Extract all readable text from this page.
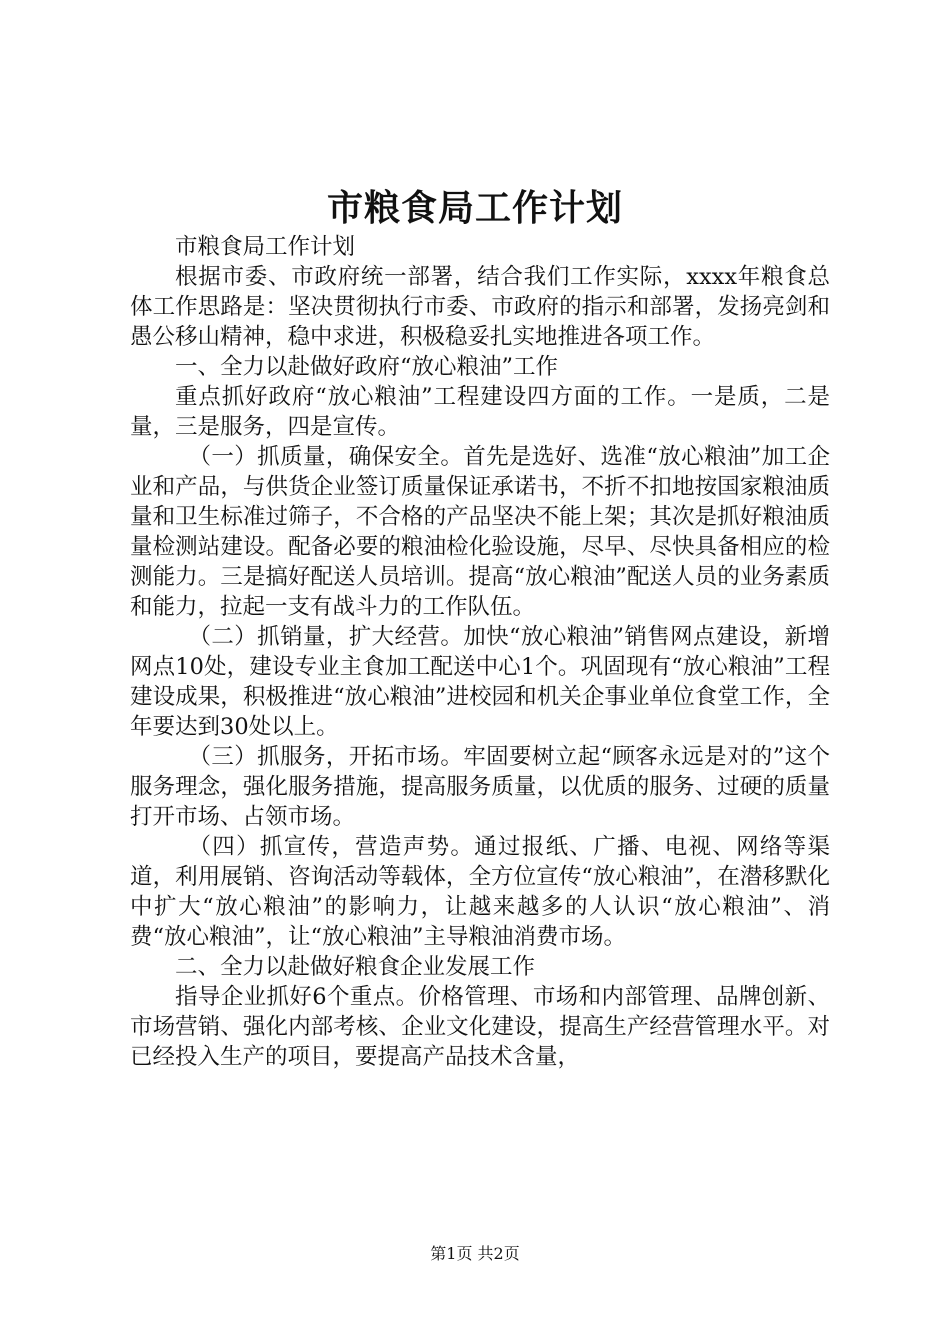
市粮食局工作计划

市粮食局工作计划

根据市委、市政府统一部署，结合我们工作实际，xxxx年粮食总体工作思路是：坚决贯彻执行市委、市政府的指示和部署，发扬亮剑和愚公移山精神，稳中求进，积极稳妥扎实地推进各项工作。

一、全力以赴做好政府“放心粮油”工作

重点抓好政府“放心粮油”工程建设四方面的工作。一是质，二是量，三是服务，四是宣传。

（一）抓质量，确保安全。首先是选好、选准“放心粮油”加工企业和产品，与供货企业签订质量保证承诺书，不折不扣地按国家粮油质量和卫生标准过筛子，不合格的产品坚决不能上架；其次是抓好粮油质量检测站建设。配备必要的粮油检化验设施，尽早、尽快具备相应的检测能力。三是搞好配送人员培训。提高“放心粮油”配送人员的业务素质和能力，拉起一支有战斗力的工作队伍。

（二）抓销量，扩大经营。加快“放心粮油”销售网点建设，新增网点10处，建设专业主食加工配送中心1个。巩固现有“放心粮油”工程建设成果，积极推进“放心粮油”进校园和机关企事业单位食堂工作，全年要达到30处以上。

（三）抓服务，开拓市场。牢固要树立起“顾客永远是对的”这个服务理念，强化服务措施，提高服务质量，以优质的服务、过硬的质量打开市场、占领市场。

（四）抓宣传，营造声势。通过报纸、广播、电视、网络等渠道，利用展销、咨询活动等载体，全方位宣传“放心粮油”，在潜移默化中扩大“放心粮油”的影响力，让越来越多的人认识“放心粮油”、消费“放心粮油”，让“放心粮油”主导粮油消费市场。

二、全力以赴做好粮食企业发展工作

指导企业抓好6个重点。价格管理、市场和内部管理、品牌创新、市场营销、强化内部考核、企业文化建设，提高生产经营管理水平。对已经投入生产的项目，要提高产品技术含量，

第1页 共2页
